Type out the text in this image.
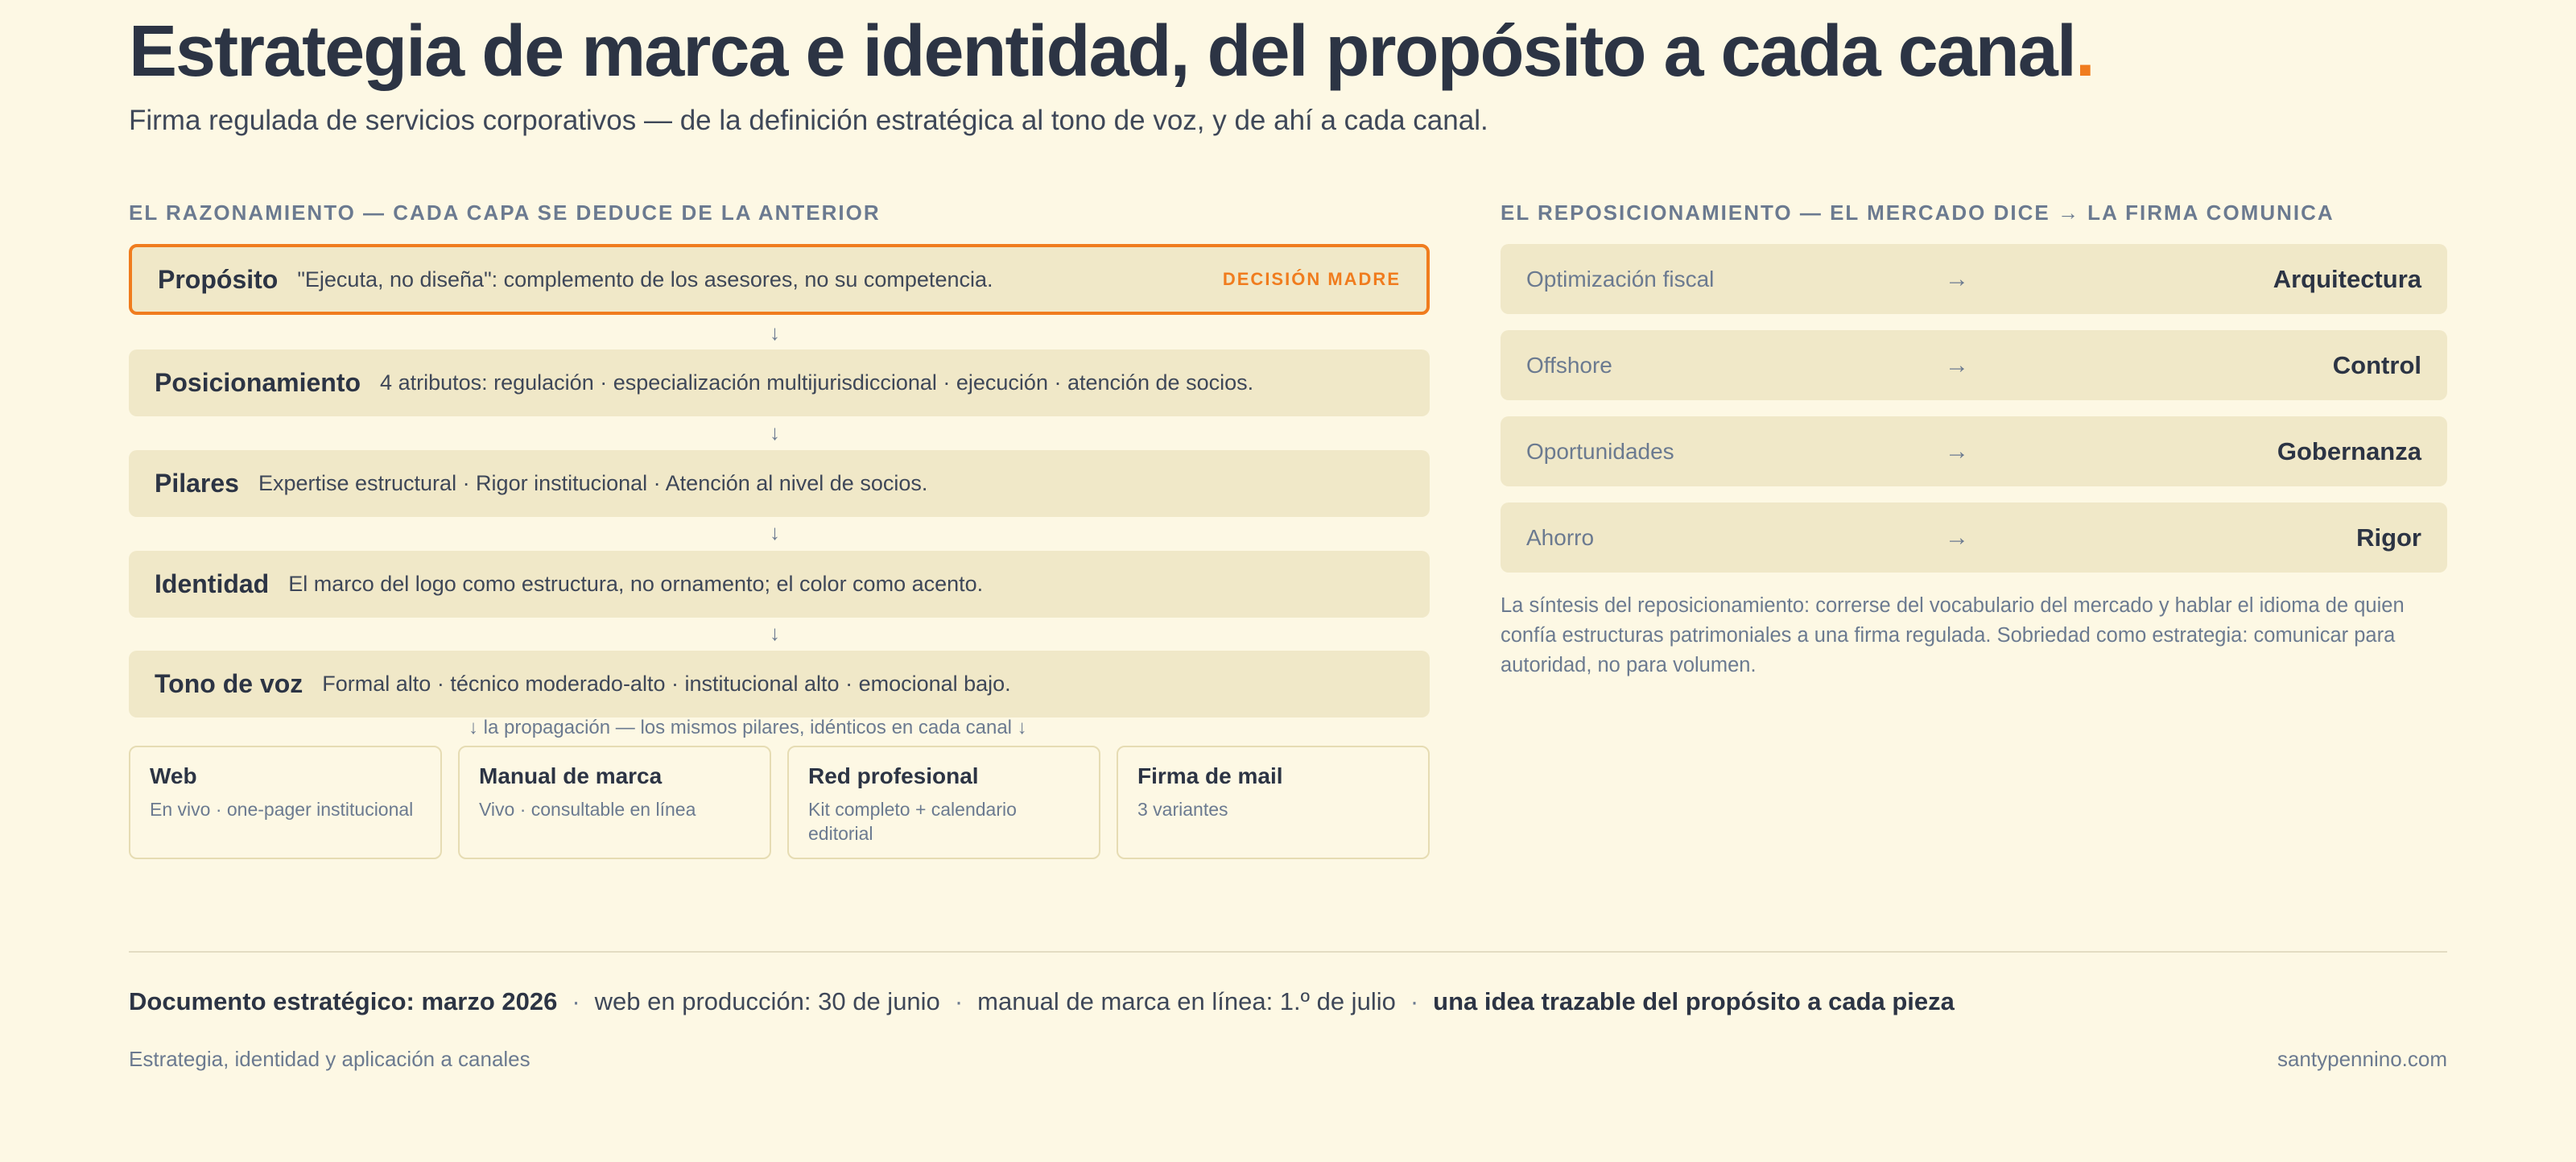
Estrategia de marca e identidad, del propósito a cada canal.

Firma regulada de servicios corporativos — de la definición estratégica al tono de voz, y de ahí a cada canal.

EL RAZONAMIENTO — CADA CAPA SE DEDUCE DE LA ANTERIOR
Propósito "Ejecuta, no diseña": complemento de los asesores, no su competencia.	DECISIÓN MADRE
↓
Posicionamiento 4 atributos: regulación · especialización multijurisdiccional · ejecución · atención de socios.
↓
Pilares Expertise estructural · Rigor institucional · Atención al nivel de socios.
↓
Identidad El marco del logo como estructura, no ornamento; el color como acento.
↓
Tono de voz Formal alto · técnico moderado-alto · institucional alto · emocional bajo.
↓ la propagación — los mismos pilares, idénticos en cada canal ↓
Web
En vivo · one-pager institucional
Manual de marca
Vivo · consultable en línea
Red profesional
Kit completo + calendario editorial
Firma de mail
3 variantes
EL REPOSICIONAMIENTO — EL MERCADO DICE → LA FIRMA COMUNICA
Optimización fiscal	→	Arquitectura
Offshore	→	Control
Oportunidades	→	Gobernanza
Ahorro	→	Rigor

La síntesis del reposicionamiento: correrse del vocabulario del mercado y hablar el idioma de quien confía estructuras patrimoniales a una firma regulada. Sobriedad como estrategia: comunicar para autoridad, no para volumen.

Documento estratégico: marzo 2026 · web en producción: 30 de junio · manual de marca en línea: 1.º de julio · una idea trazable del propósito a cada pieza
Estrategia, identidad y aplicación a canales	santypennino.com
